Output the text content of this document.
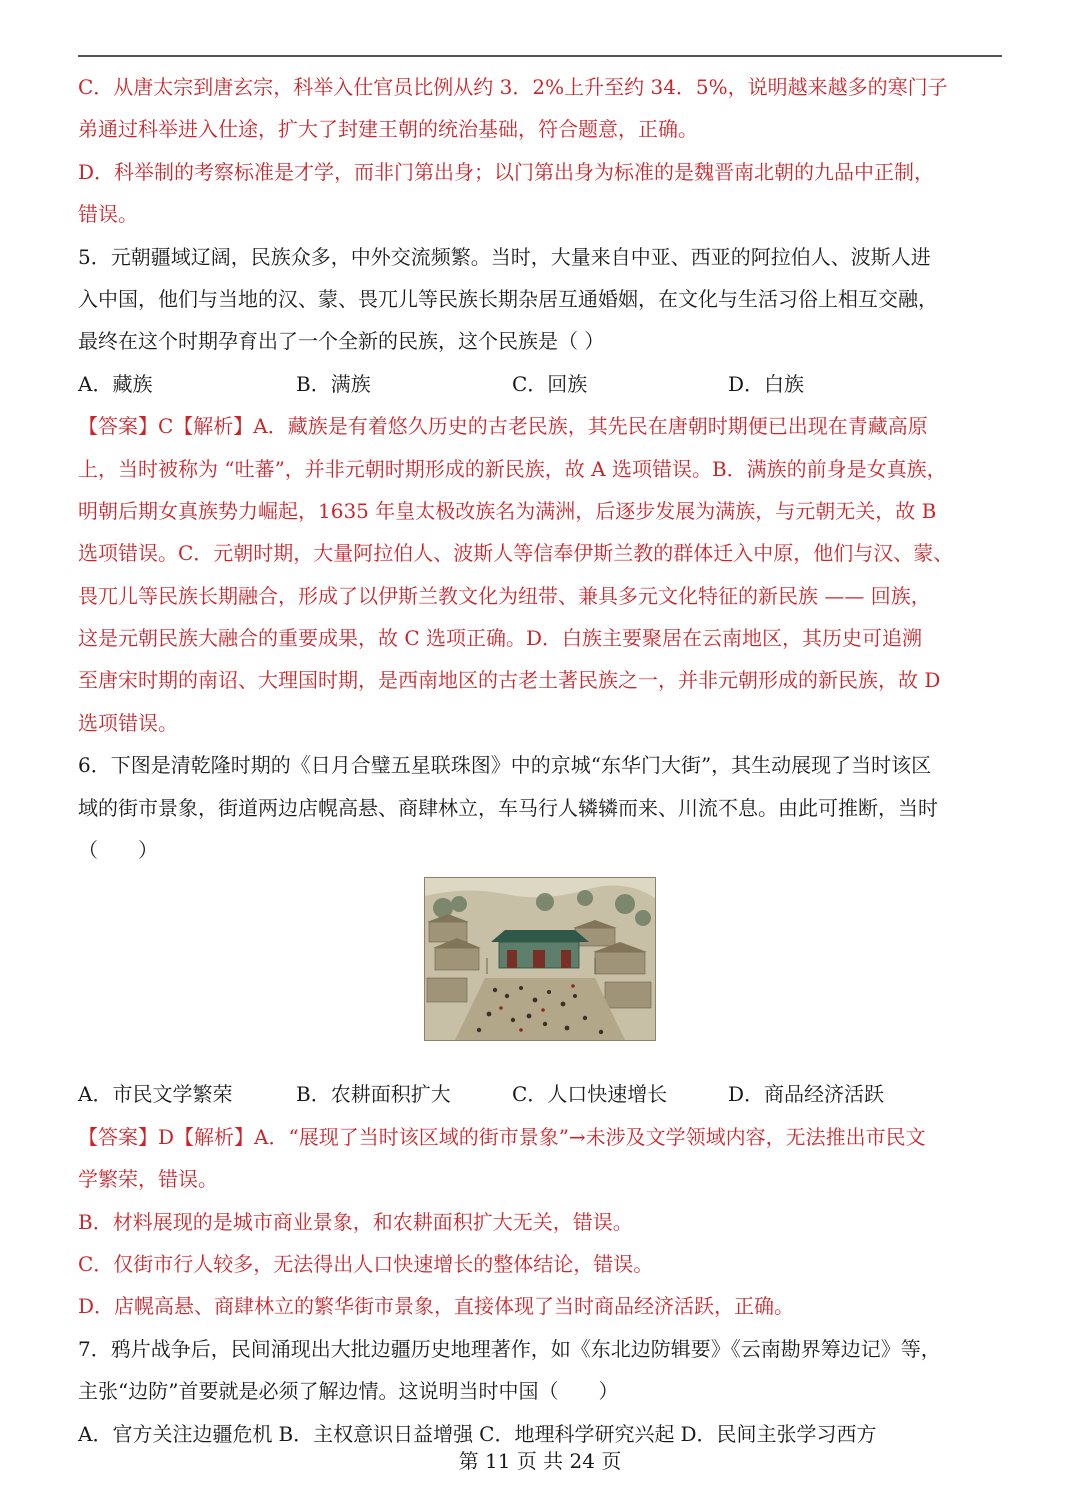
C．从唐太宗到唐玄宗，科举入仕官员比例从约 3．2%上升至约 34．5%，说明越来越多的寒门子
弟通过科举进入仕途，扩大了封建王朝的统治基础，符合题意，正确。
D．科举制的考察标准是才学，而非门第出身；以门第出身为标准的是魏晋南北朝的九品中正制，
错误。
5．元朝疆域辽阔，民族众多，中外交流频繁。当时，大量来自中亚、西亚的阿拉伯人、波斯人进
入中国，他们与当地的汉、蒙、畏兀儿等民族长期杂居互通婚姻，在文化与生活习俗上相互交融，
最终在这个时期孕育出了一个全新的民族，这个民族是（ ）
A．藏族	B．满族	C．回族	D．白族
【答案】C【解析】A．藏族是有着悠久历史的古老民族，其先民在唐朝时期便已出现在青藏高原
上，当时被称为 “吐蕃”，并非元朝时期形成的新民族，故 A 选项错误。B．满族的前身是女真族，
明朝后期女真族势力崛起，1635 年皇太极改族名为满洲，后逐步发展为满族，与元朝无关，故 B
选项错误。C．元朝时期，大量阿拉伯人、波斯人等信奉伊斯兰教的群体迁入中原，他们与汉、蒙、
畏兀儿等民族长期融合，形成了以伊斯兰教文化为纽带、兼具多元文化特征的新民族 —— 回族，
这是元朝民族大融合的重要成果，故 C 选项正确。D．白族主要聚居在云南地区，其历史可追溯
至唐宋时期的南诏、大理国时期，是西南地区的古老土著民族之一，并非元朝形成的新民族，故 D
选项错误。
6．下图是清乾隆时期的《日月合璧五星联珠图》中的京城“东华门大街”，其生动展现了当时该区
域的街市景象，街道两边店幌高悬、商肆林立，车马行人辚辚而来、川流不息。由此可推断，当时
（　　）
A．市民文学繁荣	B．农耕面积扩大	C．人口快速增长	D．商品经济活跃
【答案】D【解析】A．“展现了当时该区域的街市景象”→未涉及文学领域内容，无法推出市民文
学繁荣，错误。
B．材料展现的是城市商业景象，和农耕面积扩大无关，错误。
C．仅街市行人较多，无法得出人口快速增长的整体结论，错误。
D．店幌高悬、商肆林立的繁华街市景象，直接体现了当时商品经济活跃，正确。
7．鸦片战争后，民间涌现出大批边疆历史地理著作，如《东北边防辑要》《云南勘界筹边记》等，
主张“边防”首要就是必须了解边情。这说明当时中国（　　）
A．官方关注边疆危机 B．主权意识日益增强 C．地理科学研究兴起 D．民间主张学习西方
第 11 页 共 24 页
